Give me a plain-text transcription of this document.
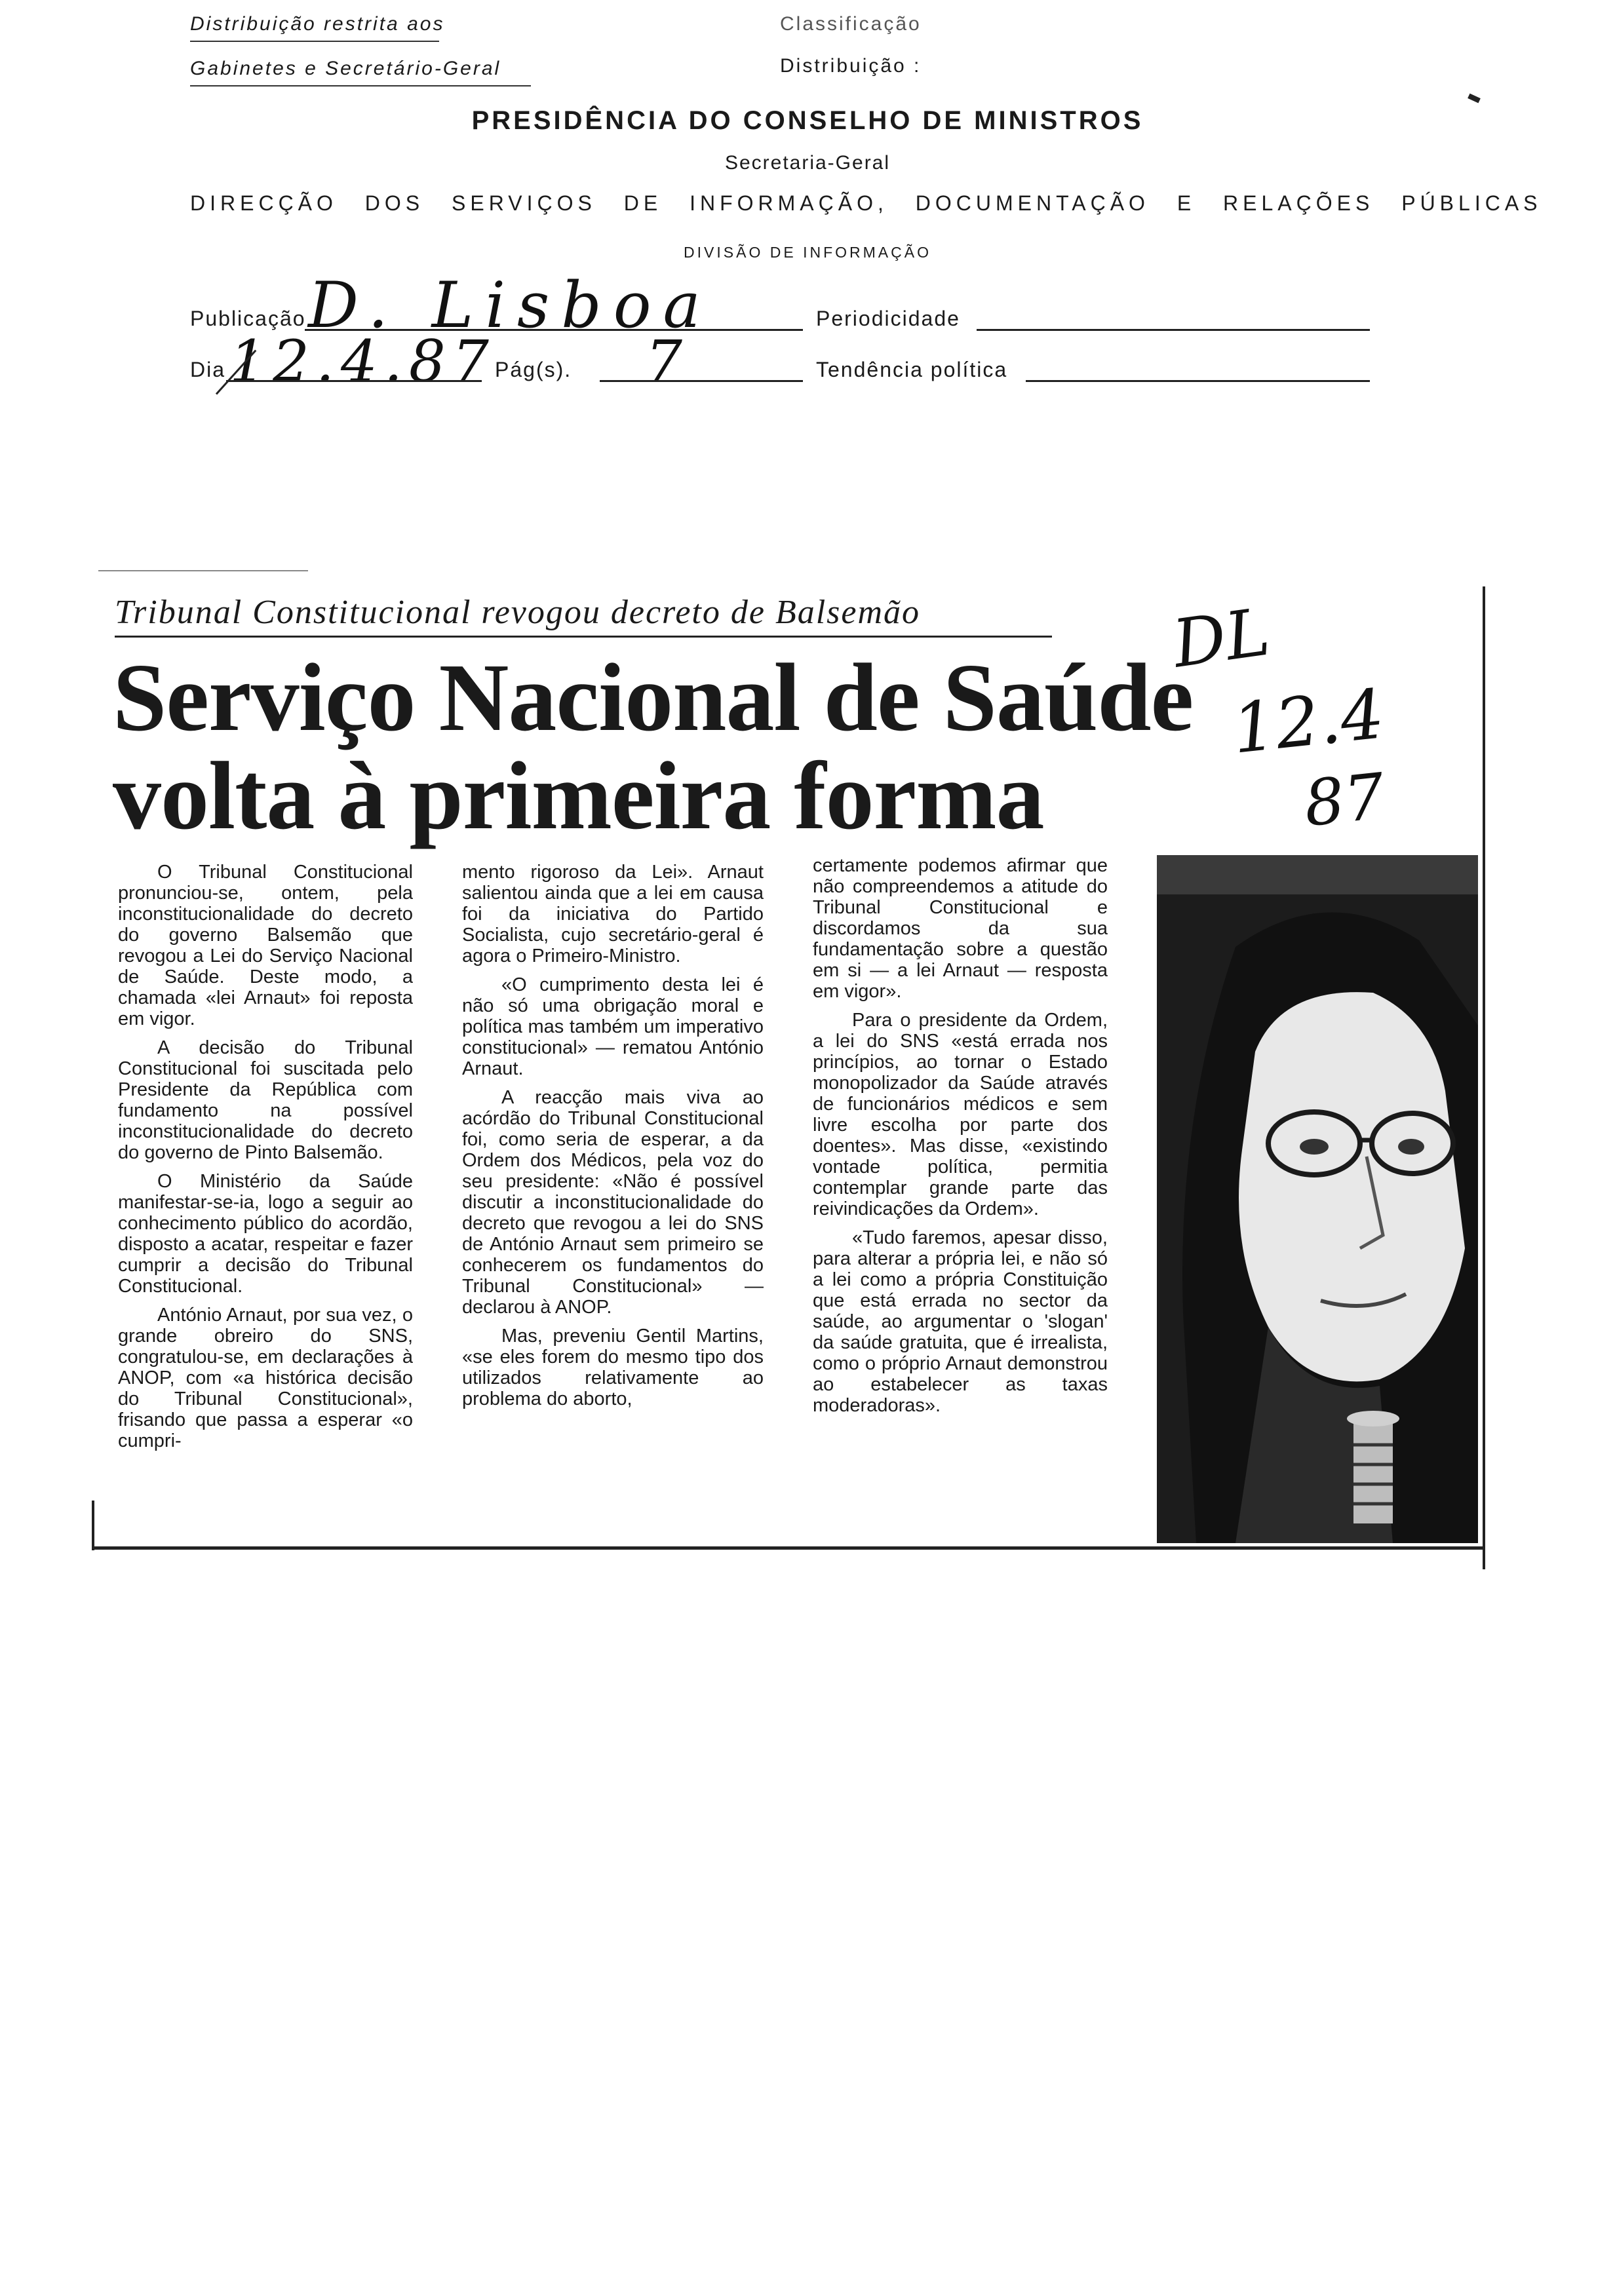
Distribuição restrita aos
Gabinetes e Secretário-Geral
Classificação
Distribuição :
PRESIDÊNCIA DO CONSELHO DE MINISTROS
Secretaria-Geral
DIRECÇÃO DOS SERVIÇOS DE INFORMAÇÃO, DOCUMENTAÇÃO E RELAÇÕES PÚBLICAS
DIVISÃO DE INFORMAÇÃO
Publicação D. Lisboa	Periodicidade
Dia 12.4.87 Pág(s). 7	Tendência política
Tribunal Constitucional revogou decreto de Balsemão
Serviço Nacional de Saúde
volta à primeira forma
DL
12.4
87

O Tribunal Constitucional pronunciou-se, ontem, pela inconstitucionalidade do decreto do governo Balsemão que revogou a Lei do Serviço Nacional de Saúde. Deste modo, a chamada «lei Arnaut» foi reposta em vigor.

A decisão do Tribunal Constitucional foi suscitada pelo Presidente da República com fundamento na possível inconstitucionalidade do decreto do governo de Pinto Balsemão.

O Ministério da Saúde manifestar-se-ia, logo a seguir ao conhecimento público do acordão, disposto a acatar, respeitar e fazer cumprir a decisão do Tribunal Constitucional.

António Arnaut, por sua vez, o grande obreiro do SNS, congratulou-se, em declarações à ANOP, com «a histórica decisão do Tribunal Constitucional», frisando que passa a esperar «o cumpri-

mento rigoroso da Lei». Arnaut salientou ainda que a lei em causa foi da iniciativa do Partido Socialista, cujo secretário-geral é agora o Primeiro-Ministro.

«O cumprimento desta lei é não só uma obrigação moral e política mas também um imperativo constitucional» — rematou António Arnaut.

A reacção mais viva ao acórdão do Tribunal Constitucional foi, como seria de esperar, a da Ordem dos Médicos, pela voz do seu presidente: «Não é possível discutir a inconstitucionalidade do decreto que revogou a lei do SNS de António Arnaut sem primeiro se conhecerem os fundamentos do Tribunal Constitucional» — declarou à ANOP.

Mas, preveniu Gentil Martins, «se eles forem do mesmo tipo dos utilizados relativamente ao problema do aborto,

certamente podemos afirmar que não compreendemos a atitude do Tribunal Constitucional e discordamos da sua fundamentação sobre a questão em si — a lei Arnaut — resposta em vigor».

Para o presidente da Ordem, a lei do SNS «está errada nos princípios, ao tornar o Estado monopolizador da Saúde através de funcionários médicos e sem livre escolha por parte dos doentes». Mas disse, «existindo vontade política, permitia contemplar grande parte das reivindicações da Ordem».

«Tudo faremos, apesar disso, para alterar a própria lei, e não só a lei como a própria Constituição que está errada no sector da saúde, ao argumentar o 'slogan' da saúde gratuita, que é irrealista, como o próprio Arnaut demonstrou ao estabelecer as taxas moderadoras».
